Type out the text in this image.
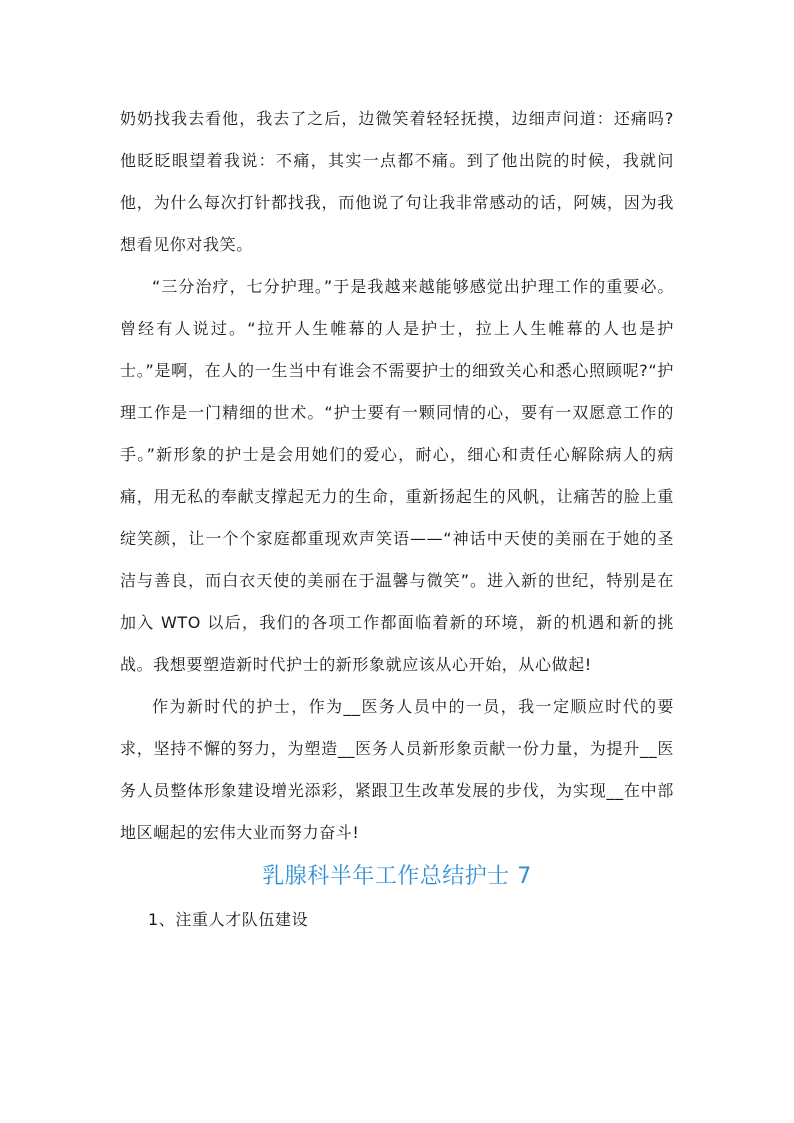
奶奶找我去看他，我去了之后，边微笑着轻轻抚摸，边细声问道：还痛吗?他眨眨眼望着我说：不痛，其实一点都不痛。到了他出院的时候，我就问他，为什么每次打针都找我，而他说了句让我非常感动的话，阿姨，因为我想看见你对我笑。

“三分治疗，七分护理。”于是我越来越能够感觉出护理工作的重要必。曾经有人说过。“拉开人生帷幕的人是护士，拉上人生帷幕的人也是护士。”是啊，在人的一生当中有谁会不需要护士的细致关心和悉心照顾呢?“护理工作是一门精细的世术。“护士要有一颗同情的心，要有一双愿意工作的手。”新形象的护士是会用她们的爱心，耐心，细心和责任心解除病人的病痛，用无私的奉献支撑起无力的生命，重新扬起生的风帆，让痛苦的脸上重绽笑颜，让一个个家庭都重现欢声笑语——“神话中天使的美丽在于她的圣洁与善良，而白衣天使的美丽在于温馨与微笑”。进入新的世纪，特别是在加入 WTO 以后，我们的各项工作都面临着新的环境，新的机遇和新的挑战。我想要塑造新时代护士的新形象就应该从心开始，从心做起!

作为新时代的护士，作为__医务人员中的一员，我一定顺应时代的要求，坚持不懈的努力，为塑造__医务人员新形象贡献一份力量，为提升__医务人员整体形象建设增光添彩，紧跟卫生改革发展的步伐，为实现__在中部地区崛起的宏伟大业而努力奋斗!

乳腺科半年工作总结护士 7

1、注重人才队伍建设
